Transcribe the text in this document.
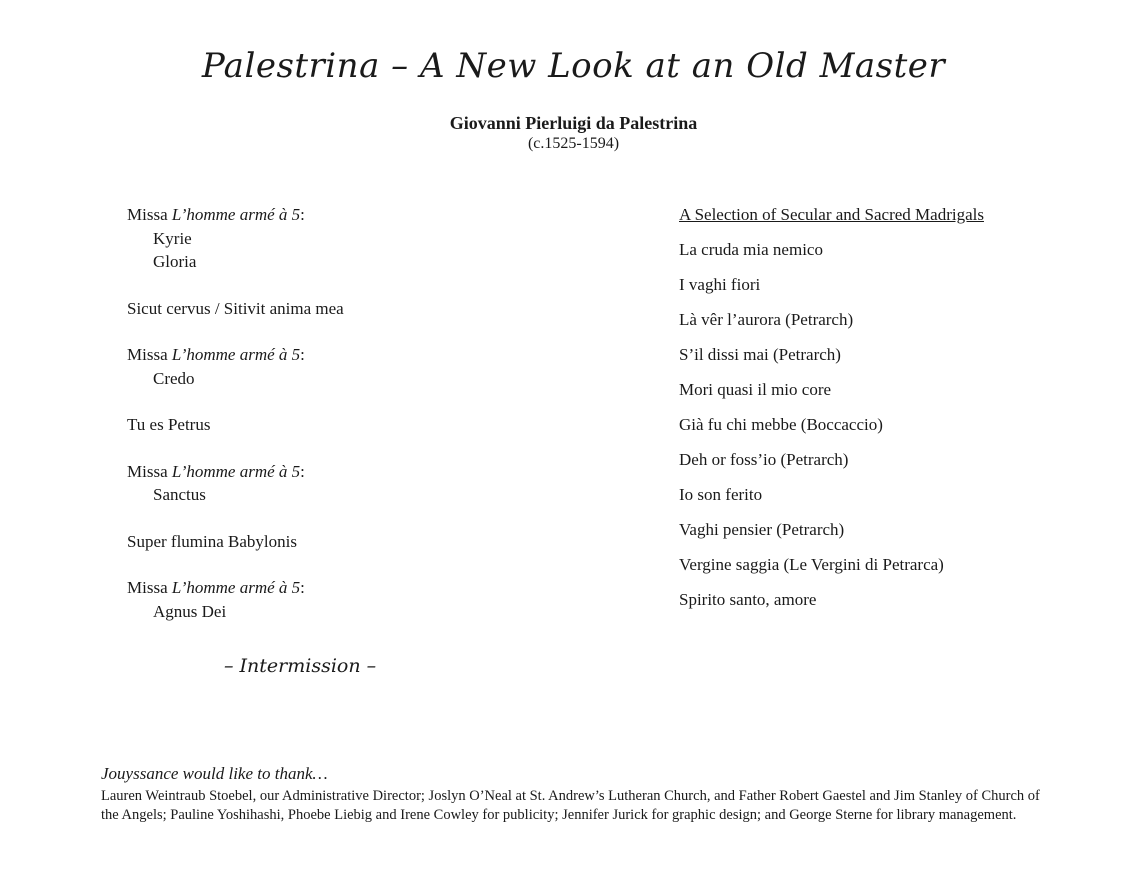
Palestrina – A New Look at an Old Master
Giovanni Pierluigi da Palestrina
(c.1525-1594)
Missa L’homme armé à 5:
Kyrie
Gloria
Sicut cervus / Sitivit anima mea
Missa L’homme armé à 5:
Credo
Tu es Petrus
Missa L’homme armé à 5:
Sanctus
Super flumina Babylonis
Missa L’homme armé à 5:
Agnus Dei
– Intermission –
A Selection of Secular and Sacred Madrigals
La cruda mia nemico
I vaghi fiori
Là vêr l’aurora (Petrarch)
S’il dissi mai (Petrarch)
Mori quasi il mio core
Già fu chi mebbe (Boccaccio)
Deh or foss’io (Petrarch)
Io son ferito
Vaghi pensier (Petrarch)
Vergine saggia (Le Vergini di Petrarca)
Spirito santo, amore
Jouyssance would like to thank…
Lauren Weintraub Stoebel, our Administrative Director; Joslyn O’Neal at St. Andrew’s Lutheran Church, and Father Robert Gaestel and Jim Stanley of Church of the Angels; Pauline Yoshihashi, Phoebe Liebig and Irene Cowley for publicity; Jennifer Jurick for graphic design; and George Sterne for library management.
